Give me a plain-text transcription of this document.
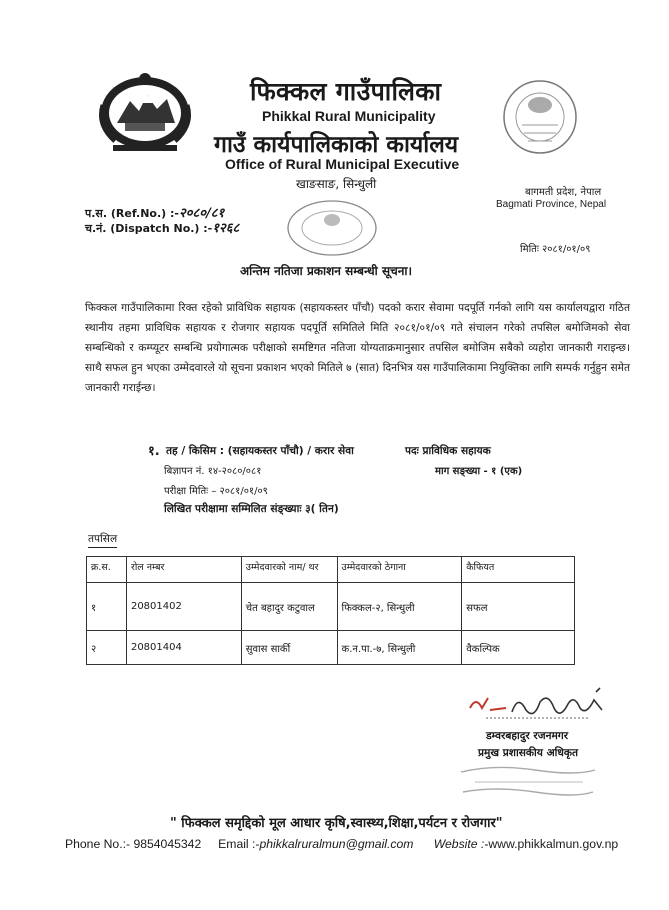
फिक्कल गाउँपालिका
Phikkal Rural Municipality
गाउँ कार्यपालिकाको कार्यालय
Office of Rural Municipal Executive
खाङसाङ, सिन्धुली
बागमती प्रदेश, नेपाल
Bagmati Province, Nepal
प.स. (Ref.No.) :-२०८०/८१
च.नं. (Dispatch No.) :-१२६८
मितिः २०८१/०१/०९
अन्तिम नतिजा प्रकाशन सम्बन्धी सूचना।
फिक्कल गाउँपालिकामा रिक्त रहेको प्राविधिक सहायक (सहायकस्तर पाँचौ) पदको करार सेवामा पदपूर्ति गर्नको लागि यस कार्यालयद्वारा गठित स्थानीय तहमा प्राविधिक सहायक र रोजगार सहायक पदपूर्ति समितिले मिति २०८१/०१/०९ गते संचालन गरेको तपसिल बमोजिमको सेवा सम्बन्धिको र कम्प्यूटर सम्बन्धि प्रयोगात्मक परीक्षाको समष्टिगत नतिजा योग्यताक्रमानुसार तपसिल बमोजिम सबैको व्यहोरा जानकारी गराइन्छ। साथै सफल हुन भएका उम्मेदवारले यो सूचना प्रकाशन भएको मितिले ७ (सात) दिनभित्र यस गाउँपालिकामा नियुक्तिका लागि सम्पर्क गर्नुहुन समेत जानकारी गराईन्छ।
१. तह / किसिम : (सहायकस्तर पाँचौ) / करार सेवा	पदः प्राविधिक सहायक
बिज्ञापन नं. १४-२०८०/०८१	माग सङ्ख्या - १ (एक)
परीक्षा मितिः – २०८१/०१/०९
लिखित परीक्षामा सम्मिलित संङ्ख्याः ३( तिन)
तपसिल
क्र.स.	रोल नम्बर	उम्मेदवारको नाम/ थर	उम्मेदवारको ठेगाना	कैफियत
१	20801402	चेत बहादुर कटुवाल	फिक्कल-२, सिन्धुली	सफल
२	20801404	सुवास सार्की	क.न.पा.-७, सिन्धुली	वैकल्पिक
डम्वरबहादुर रजनमगर
प्रमुख प्रशासकीय अधिकृत
" फिक्कल समृद्दिको मूल आधार कृषि,स्वास्थ्य,शिक्षा,पर्यटन र रोजगार"
Phone No.:- 9854045342 Email :-phikkalruralmun@gmail.com Website :-www.phikkalmun.gov.np
